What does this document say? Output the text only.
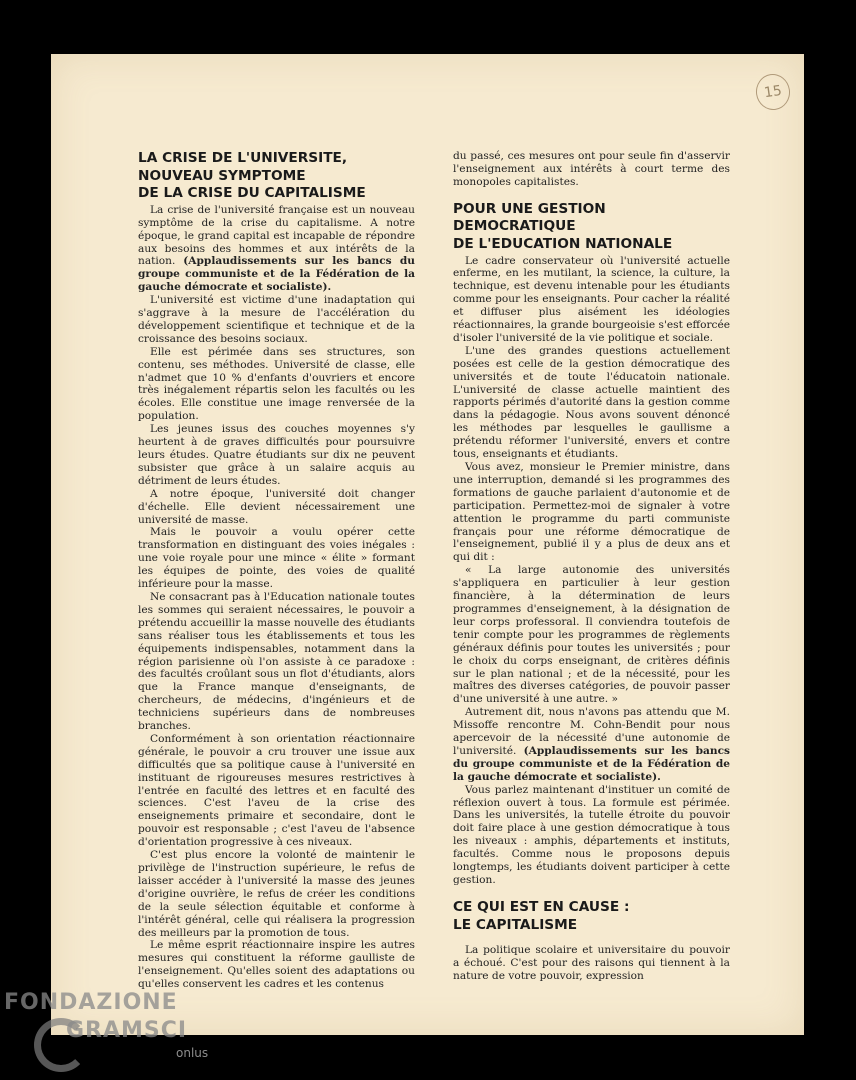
15
LA CRISE DE L'UNIVERSITE,
NOUVEAU SYMPTOME
DE LA CRISE DU CAPITALISME

La crise de l'université française est un nouveau symptôme de la crise du capitalisme. A notre époque, le grand capital est incapable de répondre aux besoins des hommes et aux intérêts de la nation. (Applaudissements sur les bancs du groupe communiste et de la Fédération de la gauche démocrate et socialiste).

L'université est victime d'une inadaptation qui s'aggrave à la mesure de l'accélération du développement scientifique et technique et de la croissance des besoins sociaux.

Elle est périmée dans ses structures, son contenu, ses méthodes. Université de classe, elle n'admet que 10 % d'enfants d'ouvriers et encore très inégalement répartis selon les facultés ou les écoles. Elle constitue une image renversée de la population.

Les jeunes issus des couches moyennes s'y heurtent à de graves difficultés pour poursuivre leurs études. Quatre étudiants sur dix ne peuvent subsister que grâce à un salaire acquis au détriment de leurs études.

A notre époque, l'université doit changer d'échelle. Elle devient nécessairement une université de masse.

Mais le pouvoir a voulu opérer cette transformation en distinguant des voies inégales : une voie royale pour une mince « élite » formant les équipes de pointe, des voies de qualité inférieure pour la masse.

Ne consacrant pas à l'Education nationale toutes les sommes qui seraient nécessaires, le pouvoir a prétendu accueillir la masse nouvelle des étudiants sans réaliser tous les établissements et tous les équipements indispensables, notamment dans la région parisienne où l'on assiste à ce paradoxe : des facultés croûlant sous un flot d'étudiants, alors que la France manque d'enseignants, de chercheurs, de médecins, d'ingénieurs et de techniciens supérieurs dans de nombreuses branches.

Conformément à son orientation réactionnaire générale, le pouvoir a cru trouver une issue aux difficultés que sa politique cause à l'université en instituant de rigoureuses mesures restrictives à l'entrée en faculté des lettres et en faculté des sciences. C'est l'aveu de la crise des enseignements primaire et secondaire, dont le pouvoir est responsable ; c'est l'aveu de l'absence d'orientation progressive à ces niveaux.

C'est plus encore la volonté de maintenir le privilège de l'instruction supérieure, le refus de laisser accéder à l'université la masse des jeunes d'origine ouvrière, le refus de créer les conditions de la seule sélection équitable et conforme à l'intérêt général, celle qui réalisera la progression des meilleurs par la promotion de tous.

Le même esprit réactionnaire inspire les autres mesures qui constituent la réforme gaulliste de l'enseignement. Qu'elles soient des adaptations ou qu'elles conservent les cadres et les contenus

du passé, ces mesures ont pour seule fin d'asservir l'enseignement aux intérêts à court terme des monopoles capitalistes.

POUR UNE GESTION DEMOCRATIQUE
DE L'EDUCATION NATIONALE

Le cadre conservateur où l'université actuelle enferme, en les mutilant, la science, la culture, la technique, est devenu intenable pour les étudiants comme pour les enseignants. Pour cacher la réalité et diffuser plus aisément les idéologies réactionnaires, la grande bourgeoisie s'est efforcée d'isoler l'université de la vie politique et sociale.

L'une des grandes questions actuellement posées est celle de la gestion démocratique des universités et de toute l'éducatoin nationale. L'université de classe actuelle maintient des rapports périmés d'autorité dans la gestion comme dans la pédagogie. Nous avons souvent dénoncé les méthodes par lesquelles le gaullisme a prétendu réformer l'université, envers et contre tous, enseignants et étudiants.

Vous avez, monsieur le Premier ministre, dans une interruption, demandé si les programmes des formations de gauche parlaient d'autonomie et de participation. Permettez-moi de signaler à votre attention le programme du parti communiste français pour une réforme démocratique de l'enseignement, publié il y a plus de deux ans et qui dit :

« La large autonomie des universités s'appliquera en particulier à leur gestion financière, à la détermination de leurs programmes d'enseignement, à la désignation de leur corps professoral. Il conviendra toutefois de tenir compte pour les programmes de règlements généraux définis pour toutes les universités ; pour le choix du corps enseignant, de critères définis sur le plan national ; et de la nécessité, pour les maîtres des diverses catégories, de pouvoir passer d'une université à une autre. »

Autrement dit, nous n'avons pas attendu que M. Missoffe rencontre M. Cohn-Bendit pour nous apercevoir de la nécessité d'une autonomie de l'université. (Applaudissements sur les bancs du groupe communiste et de la Fédération de la gauche démocrate et socialiste).

Vous parlez maintenant d'instituer un comité de réflexion ouvert à tous. La formule est périmée. Dans les universités, la tutelle étroite du pouvoir doit faire place à une gestion démocratique à tous les niveaux : amphis, départements et instituts, facultés. Comme nous le proposons depuis longtemps, les étudiants doivent participer à cette gestion.

CE QUI EST EN CAUSE :
LE CAPITALISME

La politique scolaire et universitaire du pouvoir a échoué. C'est pour des raisons qui tiennent à la nature de votre pouvoir, expression

FONDAZIONE
GRAMSCI
onlus
